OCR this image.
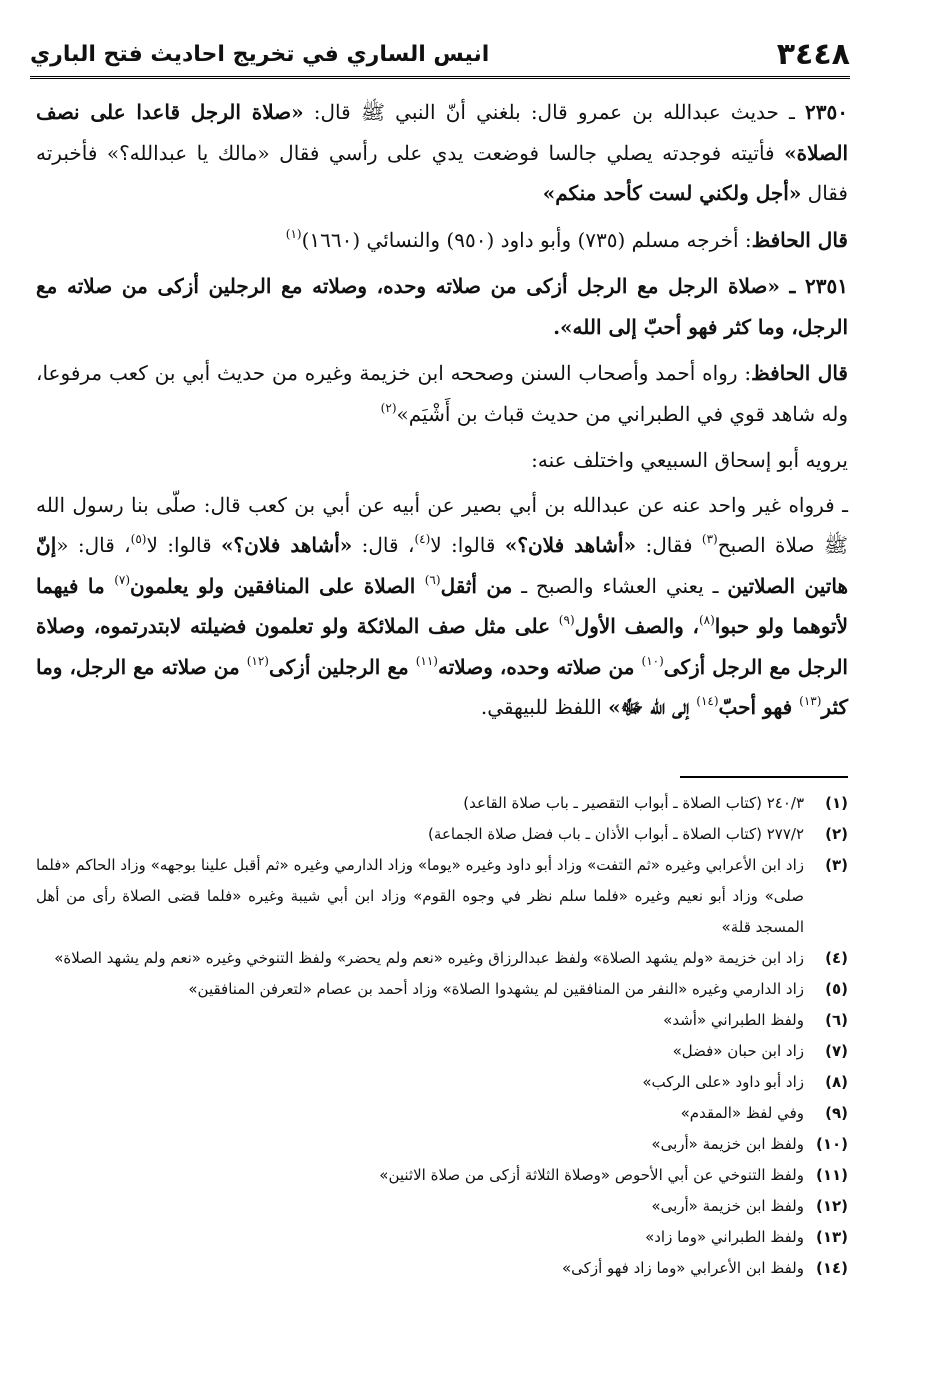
٣٤٤٨
انيس الساري في تخريج احاديث فتح الباري

٢٣٥٠ ـ حديث عبدالله بن عمرو قال: بلغني أنّ النبي ﷺ قال: «صلاة الرجل قاعدا على نصف الصلاة» فأتيته فوجدته يصلي جالسا فوضعت يدي على رأسي فقال «مالك يا عبدالله؟» فأخبرته فقال «أجل ولكني لست كأحد منكم»

قال الحافظ: أخرجه مسلم (٧٣٥) وأبو داود (٩٥٠) والنسائي (١٦٦٠)$^{(١)}$

٢٣٥١ ـ «صلاة الرجل مع الرجل أزكى من صلاته وحده، وصلاته مع الرجلين أزكى من صلاته مع الرجل، وما كثر فهو أحبّ إلى الله».

قال الحافظ: رواه أحمد وأصحاب السنن وصححه ابن خزيمة وغيره من حديث أبي بن كعب مرفوعا، وله شاهد قوي في الطبراني من حديث قباث بن أَشْيَم»$^{(٢)}$

يرويه أبو إسحاق السبيعي واختلف عنه:

ـ فرواه غير واحد عنه عن عبدالله بن أبي بصير عن أبيه عن أبي بن كعب قال: صلّى بنا رسول الله ﷺ صلاة الصبح$^{(٣)}$ فقال: «أشاهد فلان؟» قالوا: لا$^{(٤)}$، قال: «أشاهد فلان؟» قالوا: لا$^{(٥)}$، قال: «إنّ هاتين الصلاتين ـ يعني العشاء والصبح ـ من أثقل$^{(٦)}$ الصلاة على المنافقين ولو يعلمون$^{(٧)}$ ما فيهما لأتوهما ولو حبوا$^{(٨)}$، والصف الأول$^{(٩)}$ على مثل صف الملائكة ولو تعلمون فضيلته لابتدرتموه، وصلاة الرجل مع الرجل أزكى$^{(١٠)}$ من صلاته وحده، وصلاته$^{(١١)}$ مع الرجلين أزكى$^{(١٢)}$ من صلاته مع الرجل، وما كثر$^{(١٣)}$ فهو أحبّ$^{(١٤)}$ إلى الله ﷻ» اللفظ للبيهقي.

(١)
٢٤٠/٣ (كتاب الصلاة ـ أبواب التقصير ـ باب صلاة القاعد)
(٢)
٢٧٧/٢ (كتاب الصلاة ـ أبواب الأذان ـ باب فضل صلاة الجماعة)
(٣)
زاد ابن الأعرابي وغيره «ثم التفت» وزاد أبو داود وغيره «يوما» وزاد الدارمي وغيره «ثم أقبل علينا بوجهه» وزاد الحاكم «فلما صلى» وزاد أبو نعيم وغيره «فلما سلم نظر في وجوه القوم» وزاد ابن أبي شيبة وغيره «فلما قضى الصلاة رأى من أهل المسجد قلة»
(٤)
زاد ابن خزيمة «ولم يشهد الصلاة» ولفظ عبدالرزاق وغيره «نعم ولم يحضر» ولفظ التنوخي وغيره «نعم ولم يشهد الصلاة»
(٥)
زاد الدارمي وغيره «النفر من المنافقين لم يشهدوا الصلاة» وزاد أحمد بن عصام «لتعرفن المنافقين»
(٦)
ولفظ الطبراني «أشد»
(٧)
زاد ابن حبان «فضل»
(٨)
زاد أبو داود «على الركب»
(٩)
وفي لفظ «المقدم»
(١٠)
ولفظ ابن خزيمة «أربى»
(١١)
ولفظ التنوخي عن أبي الأحوص «وصلاة الثلاثة أزكى من صلاة الاثنين»
(١٢)
ولفظ ابن خزيمة «أربى»
(١٣)
ولفظ الطبراني «وما زاد»
(١٤)
ولفظ ابن الأعرابي «وما زاد فهو أزكى»
